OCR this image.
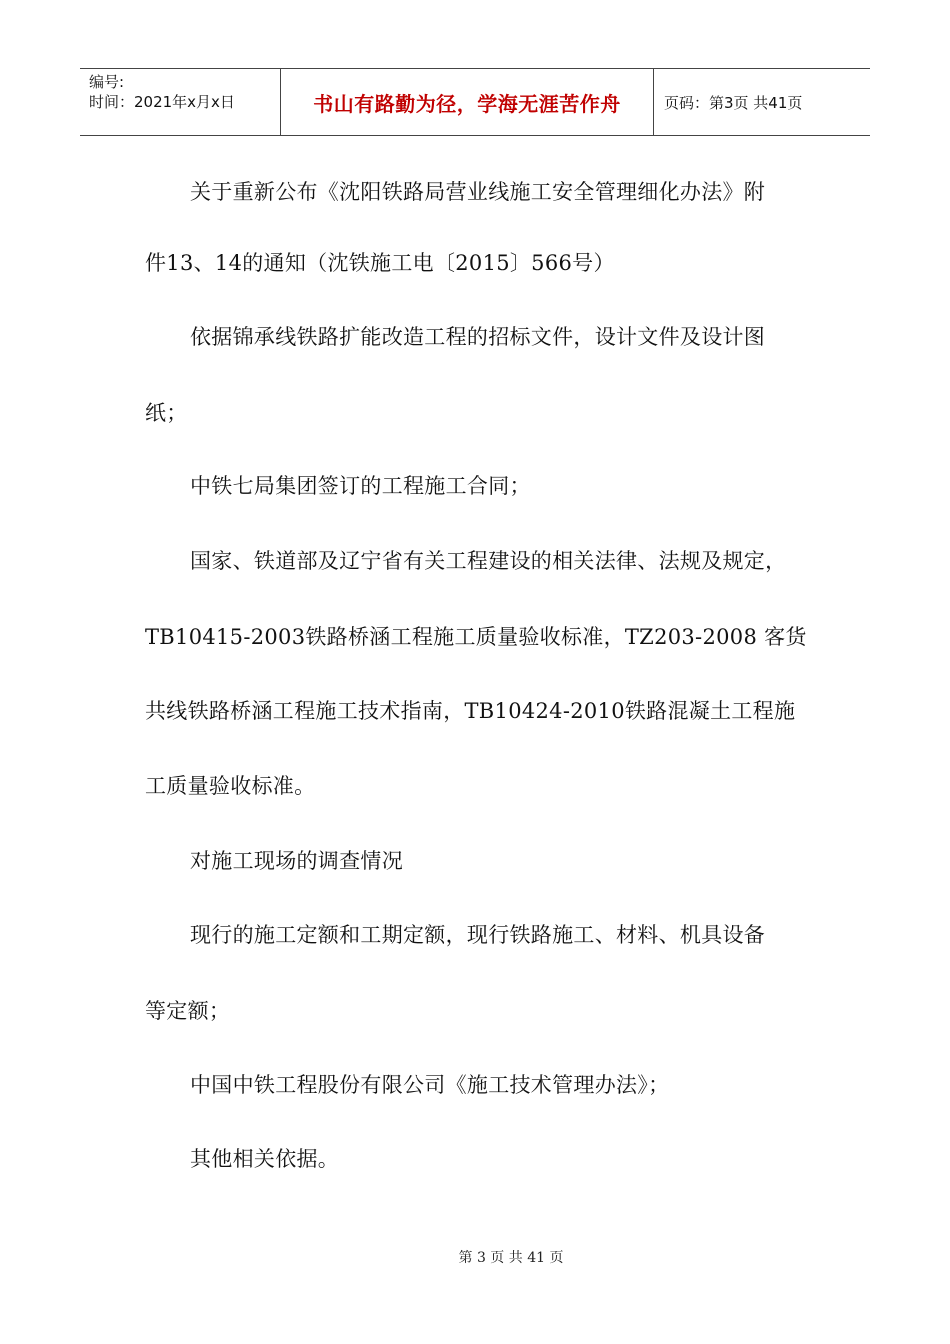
编号:
时间：2021年x月x日	书山有路勤为径，学海无涯苦作舟	页码：第3页 共41页
关于重新公布《沈阳铁路局营业线施工安全管理细化办法》附
件13、14的通知（沈铁施工电〔2015〕566号）
依据锦承线铁路扩能改造工程的招标文件，设计文件及设计图
纸；
中铁七局集团签订的工程施工合同；
国家、铁道部及辽宁省有关工程建设的相关法律、法规及规定，
TB10415-2003铁路桥涵工程施工质量验收标准，TZ203-2008 客货
共线铁路桥涵工程施工技术指南，TB10424-2010铁路混凝土工程施
工质量验收标准。
对施工现场的调查情况
现行的施工定额和工期定额，现行铁路施工、材料、机具设备
等定额；
中国中铁工程股份有限公司《施工技术管理办法》；
其他相关依据。
第 3 页 共 41 页
